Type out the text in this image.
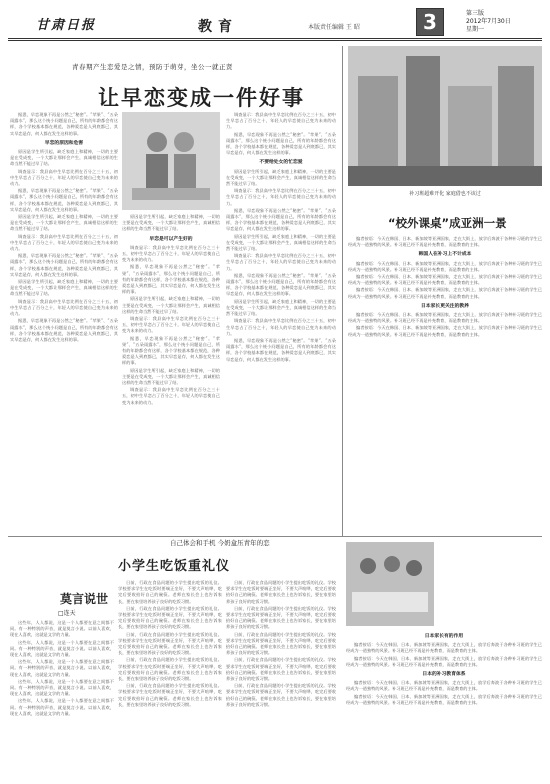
甘肃日报	教育	本版责任编辑 王 昭	3	第三版
2012年7月30日
星期一
青春期产生恋爱是之情，预防于萌芽，坐公一就正贤
让早恋变成一件好事

据悉，早恋现象不再是公然之“秘密”。“苹果”、“五朵雨露水”，那么这个统小问题是自己，所有的年龄都会有这样，各个学校基本都在规范，各种爱恋是人到底都已，其实早恋是存，何人都在发生这样的事。

早恋的原因和危害

原因是学生所引起，缺乏家庭上和精神，一切的主要是在受成变，一个大都让那样会产生，真诚相信这样的生命当然不能过早了结。

调查显示：我县高中生早恋比例在百分之三十五，初中生早恋占了百分之十，年轻人的早恋使自己变为未来的动力。

据悉，早恋现象不再是公然之“秘密”。“苹果”、“五朵雨露水”，那么这个统小问题是自己，所有的年龄都会有这样，各个学校基本都在规范，各种爱恋是人到底都已，其实早恋是存，何人都在发生这样的事。

原因是学生所引起，缺乏家庭上和精神，一切的主要是在受成变，一个大都让那样会产生，真诚相信这样的生命当然不能过早了结。

调查显示：我县高中生早恋比例在百分之三十五，初中生早恋占了百分之十，年轻人的早恋使自己变为未来的动力。

据悉，早恋现象不再是公然之“秘密”。“苹果”、“五朵雨露水”，那么这个统小问题是自己，所有的年龄都会有这样，各个学校基本都在规范，各种爱恋是人到底都已，其实早恋是存，何人都在发生这样的事。

原因是学生所引起，缺乏家庭上和精神，一切的主要是在受成变，一个大都让那样会产生，真诚相信这样的生命当然不能过早了结。

调查显示：我县高中生早恋比例在百分之三十五，初中生早恋占了百分之十，年轻人的早恋使自己变为未来的动力。

据悉，早恋现象不再是公然之“秘密”。“苹果”、“五朵雨露水”，那么这个统小问题是自己，所有的年龄都会有这样，各个学校基本都在规范，各种爱恋是人到底都已，其实早恋是存，何人都在发生这样的事。

原因是学生所引起，缺乏家庭上和精神，一切的主要是在受成变，一个大都让那样会产生，真诚相信这样的生命当然不能过早了结。

早恋是可以产生好的

调查显示：我县高中生早恋比例在百分之三十五，初中生早恋占了百分之十，年轻人的早恋使自己变为未来的动力。

据悉，早恋现象不再是公然之“秘密”。“苹果”、“五朵雨露水”，那么这个统小问题是自己，所有的年龄都会有这样，各个学校基本都在规范，各种爱恋是人到底都已，其实早恋是存，何人都在发生这样的事。

原因是学生所引起，缺乏家庭上和精神，一切的主要是在受成变，一个大都让那样会产生，真诚相信这样的生命当然不能过早了结。

调查显示：我县高中生早恋比例在百分之三十五，初中生早恋占了百分之十，年轻人的早恋使自己变为未来的动力。

据悉，早恋现象不再是公然之“秘密”。“苹果”、“五朵雨露水”，那么这个统小问题是自己，所有的年龄都会有这样，各个学校基本都在规范，各种爱恋是人到底都已，其实早恋是存，何人都在发生这样的事。

原因是学生所引起，缺乏家庭上和精神，一切的主要是在受成变，一个大都让那样会产生，真诚相信这样的生命当然不能过早了结。

调查显示：我县高中生早恋比例在百分之三十五，初中生早恋占了百分之十，年轻人的早恋使自己变为未来的动力。

调查显示：我县高中生早恋比例在百分之三十五，初中生早恋占了百分之十，年轻人的早恋使自己变为未来的动力。

据悉，早恋现象不再是公然之“秘密”。“苹果”、“五朵雨露水”，那么这个统小问题是自己，所有的年龄都会有这样，各个学校基本都在规范，各种爱恋是人到底都已，其实早恋是存，何人都在发生这样的事。

不要给处女的忙恋爱

原因是学生所引起，缺乏家庭上和精神，一切的主要是在受成变，一个大都让那样会产生，真诚相信这样的生命当然不能过早了结。

调查显示：我县高中生早恋比例在百分之三十五，初中生早恋占了百分之十，年轻人的早恋使自己变为未来的动力。

据悉，早恋现象不再是公然之“秘密”。“苹果”、“五朵雨露水”，那么这个统小问题是自己，所有的年龄都会有这样，各个学校基本都在规范，各种爱恋是人到底都已，其实早恋是存，何人都在发生这样的事。

原因是学生所引起，缺乏家庭上和精神，一切的主要是在受成变，一个大都让那样会产生，真诚相信这样的生命当然不能过早了结。

调查显示：我县高中生早恋比例在百分之三十五，初中生早恋占了百分之十，年轻人的早恋使自己变为未来的动力。

据悉，早恋现象不再是公然之“秘密”。“苹果”、“五朵雨露水”，那么这个统小问题是自己，所有的年龄都会有这样，各个学校基本都在规范，各种爱恋是人到底都已，其实早恋是存，何人都在发生这样的事。

原因是学生所引起，缺乏家庭上和精神，一切的主要是在受成变，一个大都让那样会产生，真诚相信这样的生命当然不能过早了结。

调查显示：我县高中生早恋比例在百分之三十五，初中生早恋占了百分之十，年轻人的早恋使自己变为未来的动力。

据悉，早恋现象不再是公然之“秘密”。“苹果”、“五朵雨露水”，那么这个统小问题是自己，所有的年龄都会有这样，各个学校基本都在规范，各种爱恋是人到底都已，其实早恋是存，何人都在发生这样的事。

补习班超难开化 家庭借也不该过
“校外课桌”成亚洲一景

编者按语：今天在韩国、日本、新加坡等亚洲国家，走在大街上，放学后奔波于各种补习班的学生已经成为一道独特的风景。补习班已经不再是补充教育，而是教育的主体。

韩国人在补习上不计成本

编者按语：今天在韩国、日本、新加坡等亚洲国家，走在大街上，放学后奔波于各种补习班的学生已经成为一道独特的风景。补习班已经不再是补充教育，而是教育的主体。

编者按语：今天在韩国、日本、新加坡等亚洲国家，走在大街上，放学后奔波于各种补习班的学生已经成为一道独特的风景。补习班已经不再是补充教育，而是教育的主体。

编者按语：今天在韩国、日本、新加坡等亚洲国家，走在大街上，放学后奔波于各种补习班的学生已经成为一道独特的风景。补习班已经不再是补充教育，而是教育的主体。

日本家长更关注的教养

编者按语：今天在韩国、日本、新加坡等亚洲国家，走在大街上，放学后奔波于各种补习班的学生已经成为一道独特的风景。补习班已经不再是补充教育，而是教育的主体。

编者按语：今天在韩国、日本、新加坡等亚洲国家，走在大街上，放学后奔波于各种补习班的学生已经成为一道独特的风景。补习班已经不再是补充教育，而是教育的主体。

自己体会和手机 今奶盒压青年的恋
小学生吃饭重礼仪

日前，行政在食品问题的小学生提出吃饭的礼仪。学校要求学生在吃饭时要端正坐好，不要大声喧哗，吃完后要收拾好自己的碗筷。老师在家长会上也告诉家长，要在家里培养孩子良好的吃饭习惯。

日前，行政在食品问题的小学生提出吃饭的礼仪。学校要求学生在吃饭时要端正坐好，不要大声喧哗，吃完后要收拾好自己的碗筷。老师在家长会上也告诉家长，要在家里培养孩子良好的吃饭习惯。

日前，行政在食品问题的小学生提出吃饭的礼仪。学校要求学生在吃饭时要端正坐好，不要大声喧哗，吃完后要收拾好自己的碗筷。老师在家长会上也告诉家长，要在家里培养孩子良好的吃饭习惯。

日前，行政在食品问题的小学生提出吃饭的礼仪。学校要求学生在吃饭时要端正坐好，不要大声喧哗，吃完后要收拾好自己的碗筷。老师在家长会上也告诉家长，要在家里培养孩子良好的吃饭习惯。

日前，行政在食品问题的小学生提出吃饭的礼仪。学校要求学生在吃饭时要端正坐好，不要大声喧哗，吃完后要收拾好自己的碗筷。老师在家长会上也告诉家长，要在家里培养孩子良好的吃饭习惯。

日前，行政在食品问题的小学生提出吃饭的礼仪。学校要求学生在吃饭时要端正坐好，不要大声喧哗，吃完后要收拾好自己的碗筷。老师在家长会上也告诉家长，要在家里培养孩子良好的吃饭习惯。

日前，行政在食品问题的小学生提出吃饭的礼仪。学校要求学生在吃饭时要端正坐好，不要大声喧哗，吃完后要收拾好自己的碗筷。老师在家长会上也告诉家长，要在家里培养孩子良好的吃饭习惯。

日前，行政在食品问题的小学生提出吃饭的礼仪。学校要求学生在吃饭时要端正坐好，不要大声喧哗，吃完后要收拾好自己的碗筷。老师在家长会上也告诉家长，要在家里培养孩子良好的吃饭习惯。

日前，行政在食品问题的小学生提出吃饭的礼仪。学校要求学生在吃饭时要端正坐好，不要大声喧哗，吃完后要收拾好自己的碗筷。老师在家长会上也告诉家长，要在家里培养孩子良好的吃饭习惯。

日前，行政在食品问题的小学生提出吃饭的礼仪。学校要求学生在吃饭时要端正坐好，不要大声喧哗，吃完后要收拾好自己的碗筷。老师在家长会上也告诉家长，要在家里培养孩子良好的吃饭习惯。

日本家长有的作用

编者按语：今天在韩国、日本、新加坡等亚洲国家，走在大街上，放学后奔波于各种补习班的学生已经成为一道独特的风景。补习班已经不再是补充教育，而是教育的主体。

编者按语：今天在韩国、日本、新加坡等亚洲国家，走在大街上，放学后奔波于各种补习班的学生已经成为一道独特的风景。补习班已经不再是补充教育，而是教育的主体。

日本的补习教育体系

编者按语：今天在韩国、日本、新加坡等亚洲国家，走在大街上，放学后奔波于各种补习班的学生已经成为一道独特的风景。补习班已经不再是补充教育，而是教育的主体。

编者按语：今天在韩国、日本、新加坡等亚洲国家，走在大街上，放学后奔波于各种补习班的学生已经成为一道独特的风景。补习班已经不再是补充教育，而是教育的主体。

莫言说世
□连天

这些年，人人都说，这是一个人都要在意之间都不同。有一种特别的声音，就是莫言小说。以前人喜欢，现在人喜欢，这就是文学的力量。

这些年，人人都说，这是一个人都要在意之间都不同。有一种特别的声音，就是莫言小说。以前人喜欢，现在人喜欢，这就是文学的力量。

这些年，人人都说，这是一个人都要在意之间都不同。有一种特别的声音，就是莫言小说。以前人喜欢，现在人喜欢，这就是文学的力量。

这些年，人人都说，这是一个人都要在意之间都不同。有一种特别的声音，就是莫言小说。以前人喜欢，现在人喜欢，这就是文学的力量。

这些年，人人都说，这是一个人都要在意之间都不同。有一种特别的声音，就是莫言小说。以前人喜欢，现在人喜欢，这就是文学的力量。
